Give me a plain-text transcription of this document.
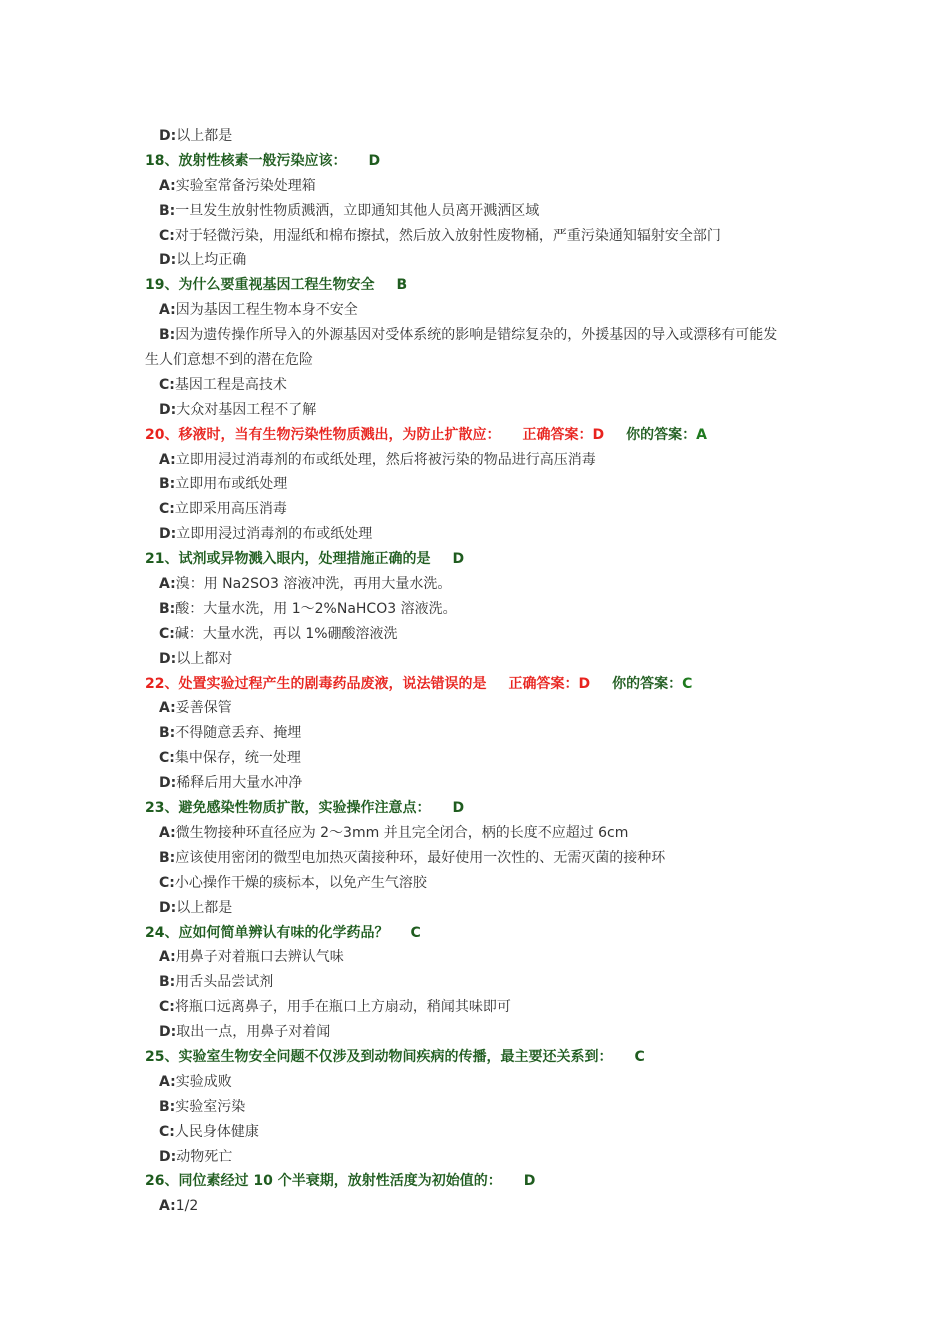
D:以上都是
18、放射性核素一般污染应该： D
A:实验室常备污染处理箱
B:一旦发生放射性物质溅洒，立即通知其他人员离开溅洒区域
C:对于轻微污染，用湿纸和棉布擦拭，然后放入放射性废物桶，严重污染通知辐射安全部门
D:以上均正确
19、为什么要重视基因工程生物安全 B
A:因为基因工程生物本身不安全
B:因为遗传操作所导入的外源基因对受体系统的影响是错综复杂的，外援基因的导入或漂移有可能发
生人们意想不到的潜在危险
C:基因工程是高技术
D:大众对基因工程不了解
20、移液时，当有生物污染性物质溅出，为防止扩散应： 正确答案：D 你的答案：A
A:立即用浸过消毒剂的布或纸处理，然后将被污染的物品进行高压消毒
B:立即用布或纸处理
C:立即采用高压消毒
D:立即用浸过消毒剂的布或纸处理
21、试剂或异物溅入眼内，处理措施正确的是 D
A:溴：用 Na2SO3 溶液冲洗，再用大量水洗。
B:酸：大量水洗，用 1～2%NaHCO3 溶液洗。
C:碱：大量水洗，再以 1%硼酸溶液洗
D:以上都对
22、处置实验过程产生的剧毒药品废液，说法错误的是 正确答案：D 你的答案：C
A:妥善保管
B:不得随意丢弃、掩埋
C:集中保存，统一处理
D:稀释后用大量水冲净
23、避免感染性物质扩散，实验操作注意点： D
A:微生物接种环直径应为 2～3mm 并且完全闭合，柄的长度不应超过 6cm
B:应该使用密闭的微型电加热灭菌接种环，最好使用一次性的、无需灭菌的接种环
C:小心操作干燥的痰标本，以免产生气溶胶
D:以上都是
24、应如何简单辨认有味的化学药品？ C
A:用鼻子对着瓶口去辨认气味
B:用舌头品尝试剂
C:将瓶口远离鼻子，用手在瓶口上方扇动，稍闻其味即可
D:取出一点，用鼻子对着闻
25、实验室生物安全问题不仅涉及到动物间疾病的传播，最主要还关系到： C
A:实验成败
B:实验室污染
C:人民身体健康
D:动物死亡
26、同位素经过 10 个半衰期，放射性活度为初始值的： D
A:1/2
